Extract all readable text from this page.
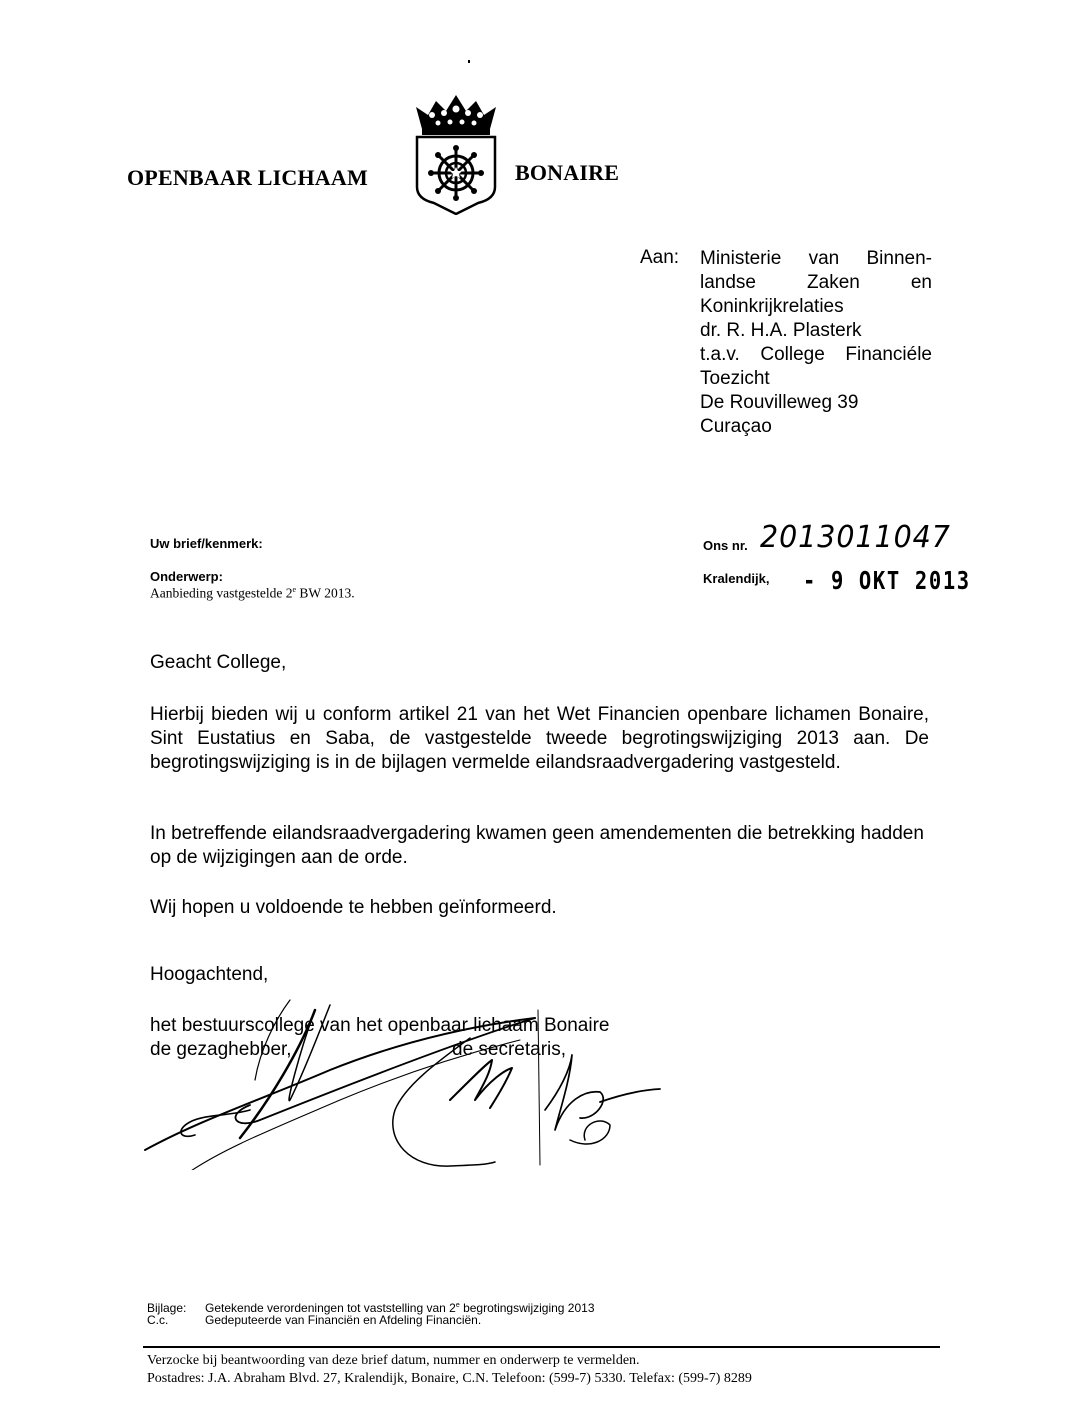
OPENBAAR LICHAAM	BONAIRE
Aan: Ministerie van Binnen-
landse Zaken en
Koninkrijkrelaties
dr. R. H.A. Plasterk
t.a.v. College Financiéle
Toezicht
De Rouvilleweg 39
Curaçao
Uw brief/kenmerk:
Onderwerp:
Aanbieding vastgestelde 2e BW 2013.
Ons nr. 2013011047
Kralendijk, - 9 OKT 2013
Geacht College,
Hierbij bieden wij u conform artikel 21 van het Wet Financien openbare lichamen Bonaire, Sint Eustatius en Saba, de vastgestelde tweede begrotingswijziging 2013 aan. De begrotingswijziging is in de bijlagen vermelde eilandsraadvergadering vastgesteld.
In betreffende eilandsraadvergadering kwamen geen amendementen die betrekking hadden op de wijzigingen aan de orde.
Wij hopen u voldoende te hebben geïnformeerd.
Hoogachtend,
het bestuurscollege van het openbaar lichaam Bonaire
de gezaghebber,	de secretaris,
Bijlage: Getekende verordeningen tot vaststelling van 2e begrotingswijziging 2013
C.c.	Gedeputeerde van Financiën en Afdeling Financiën.
Verzocke bij beantwoording van deze brief datum, nummer en onderwerp te vermelden.
Postadres: J.A. Abraham Blvd. 27, Kralendijk, Bonaire, C.N. Telefoon: (599-7) 5330. Telefax: (599-7) 8289
